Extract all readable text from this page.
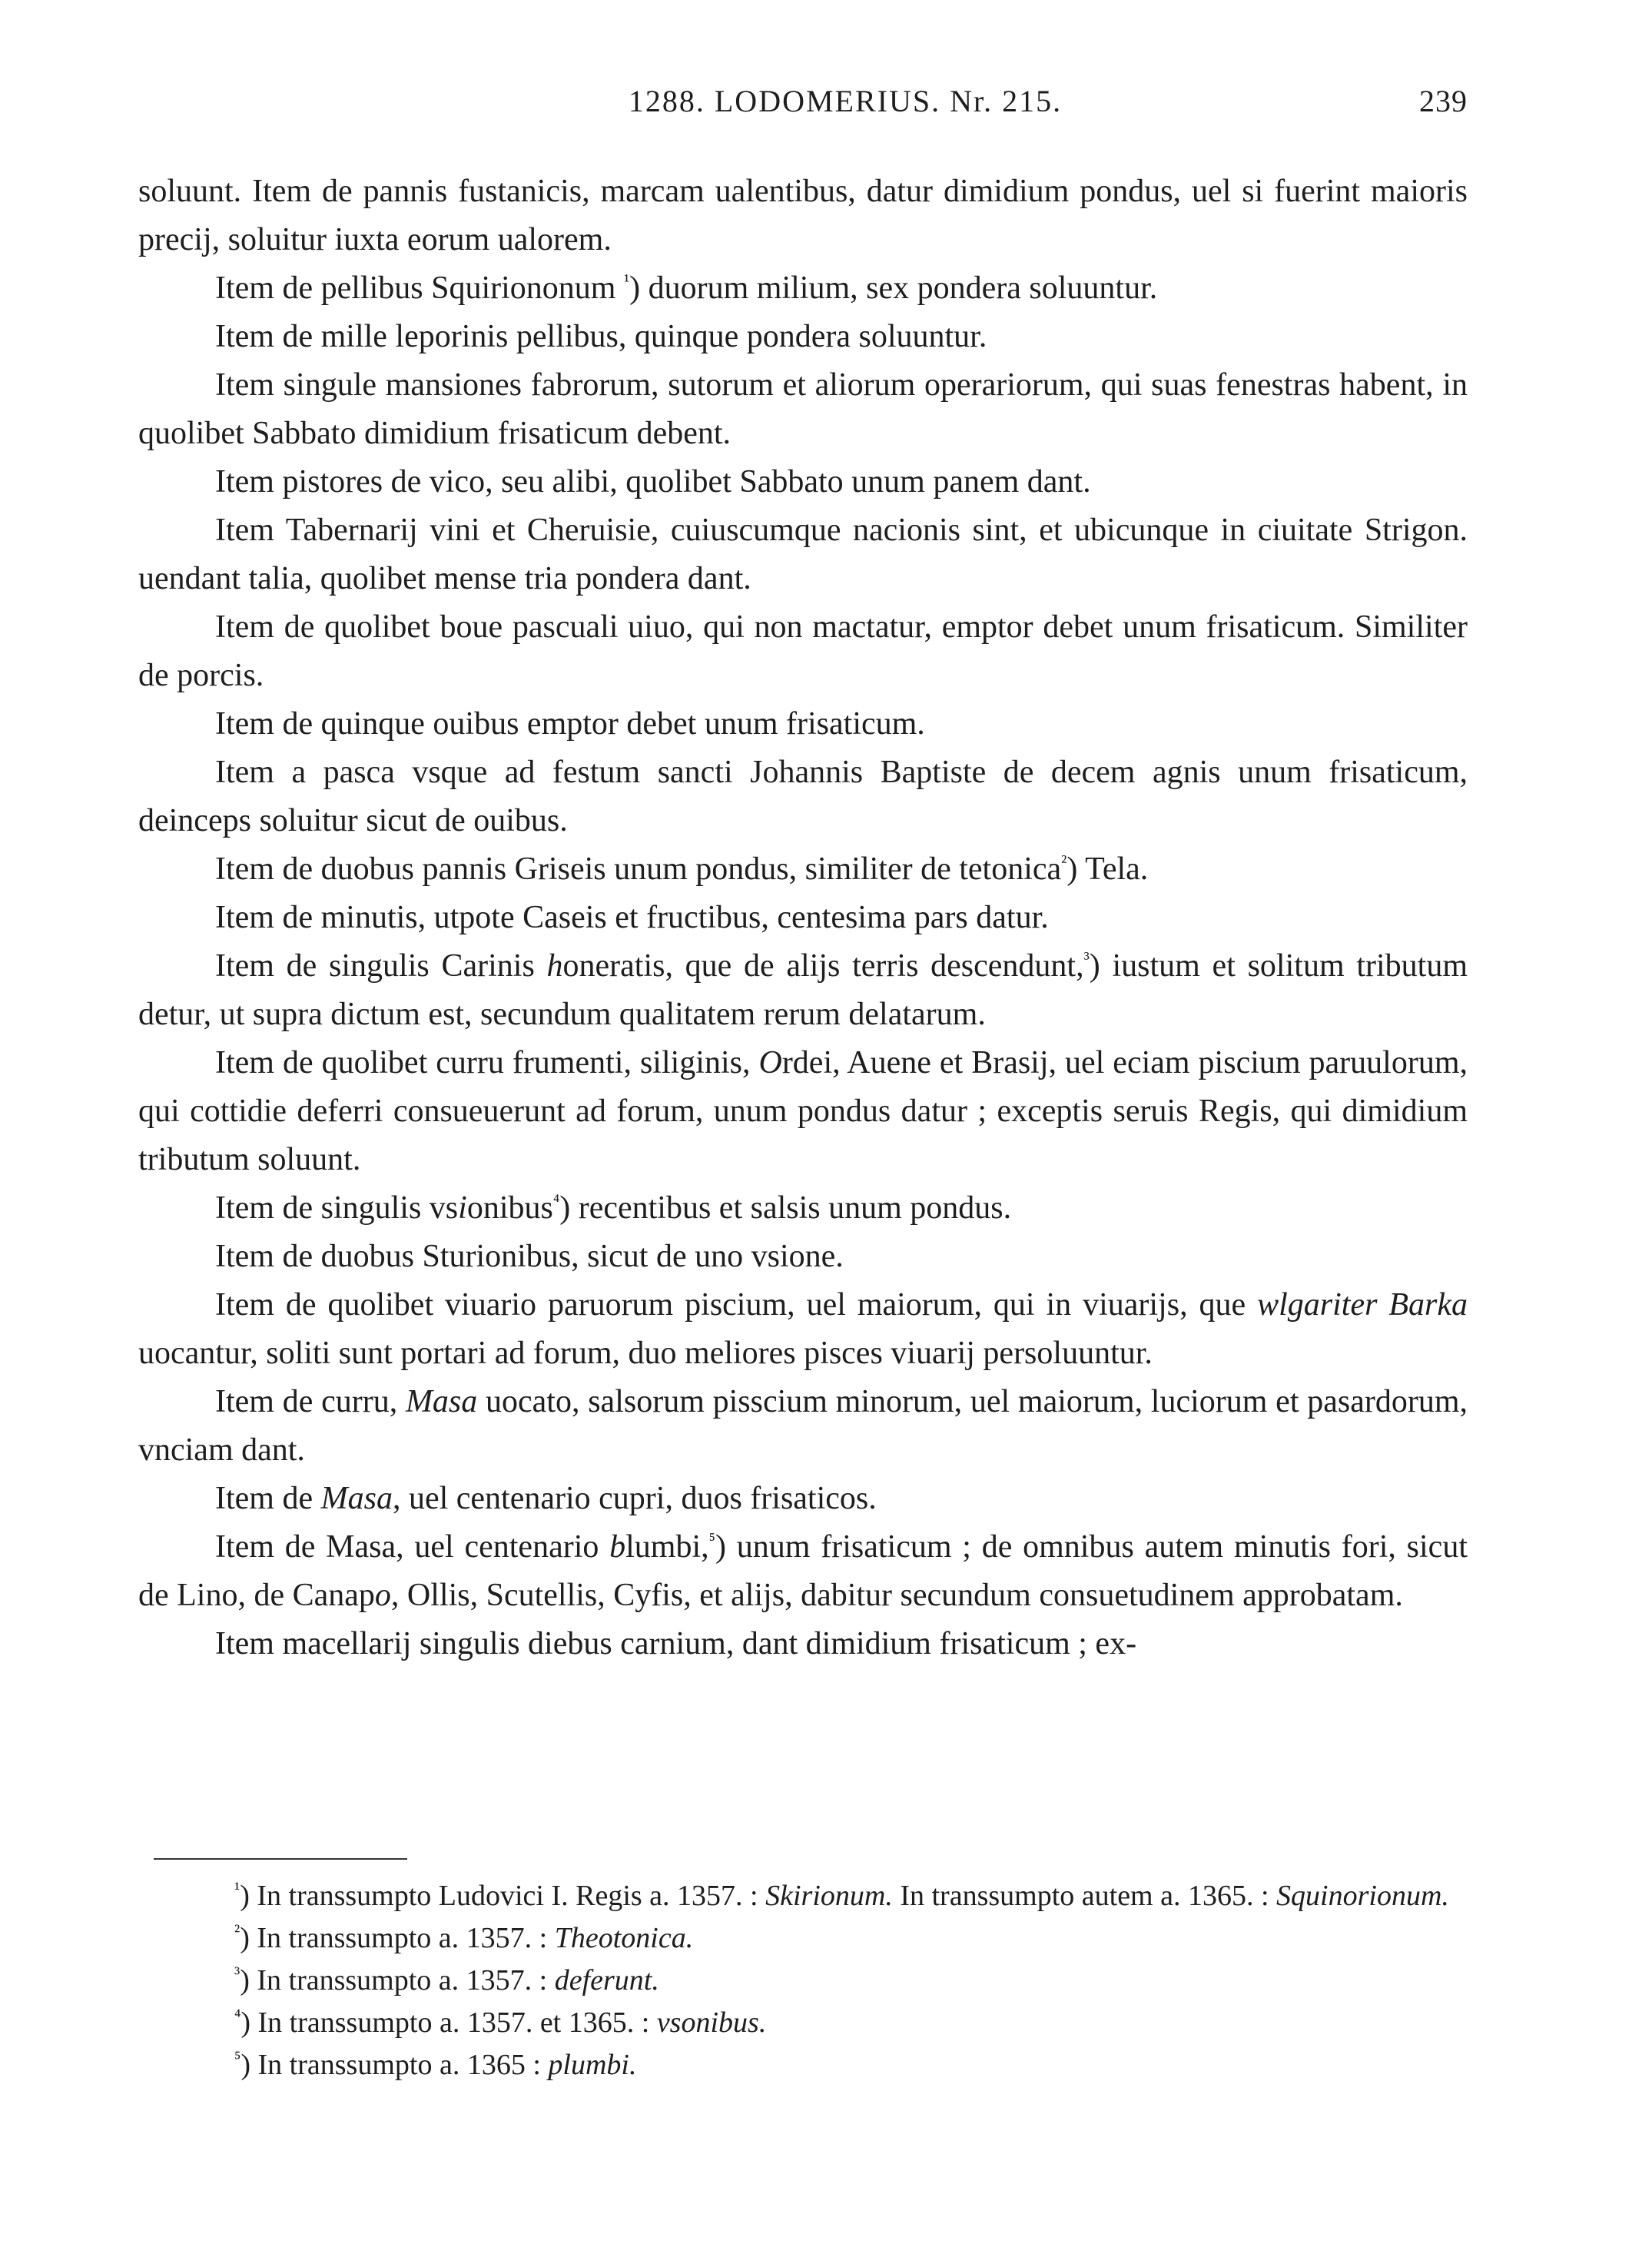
1288. LODOMERIUS. Nr. 215.	239

soluunt. Item de pannis fustanicis, marcam ualentibus, datur dimidium pondus, uel si fuerint maioris precij, soluitur iuxta eorum ualorem.

Item de pellibus Squiriononum $^{^1}$) duorum milium, sex pondera soluuntur.

Item de mille leporinis pellibus, quinque pondera soluuntur.

Item singule mansiones fabrorum, sutorum et aliorum operariorum, qui suas fenestras habent, in quolibet Sabbato dimidium frisaticum debent.

Item pistores de vico, seu alibi, quolibet Sabbato unum panem dant.

Item Tabernarij vini et Cheruisie, cuiuscumque nacionis sint, et ubicunque in ciuitate Strigon. uendant talia, quolibet mense tria pondera dant.

Item de quolibet boue pascuali uiuo, qui non mactatur, emptor debet unum frisaticum. Similiter de porcis.

Item de quinque ouibus emptor debet unum frisaticum.

Item a pasca vsque ad festum sancti Johannis Baptiste de decem agnis unum frisaticum, deinceps soluitur sicut de ouibus.

Item de duobus pannis Griseis unum pondus, similiter de tetonica$^{^2}$) Tela.

Item de minutis, utpote Caseis et fructibus, centesima pars datur.

Item de singulis Carinis honeratis, que de alijs terris descendunt,$^{^3}$) iustum et solitum tributum detur, ut supra dictum est, secundum qualitatem rerum delatarum.

Item de quolibet curru frumenti, siliginis, Ordei, Auene et Brasij, uel eciam piscium paruulorum, qui cottidie deferri consueuerunt ad forum, unum pondus datur ; exceptis seruis Regis, qui dimidium tributum soluunt.

Item de singulis vsionibus$^{^4}$) recentibus et salsis unum pondus.

Item de duobus Sturionibus, sicut de uno vsione.

Item de quolibet viuario paruorum piscium, uel maiorum, qui in viuarijs, que wlgariter Barka uocantur, soliti sunt portari ad forum, duo meliores pisces viuarij persoluuntur.

Item de curru, Masa uocato, salsorum pisscium minorum, uel maiorum, luciorum et pasardorum, vnciam dant.

Item de Masa, uel centenario cupri, duos frisaticos.

Item de Masa, uel centenario blumbi,$^{^5}$) unum frisaticum ; de omnibus autem minutis fori, sicut de Lino, de Canapo, Ollis, Scutellis, Cyfis, et alijs, dabitur secundum consuetudinem approbatam.

Item macellarij singulis diebus carnium, dant dimidium frisaticum ; ex-

$^{^1}$) In transsumpto Ludovici I. Regis a. 1357. : Skirionum. In transsumpto autem a. 1365. : Squinorionum.

$^{^2}$) In transsumpto a. 1357. : Theotonica.

$^{^3}$) In transsumpto a. 1357. : deferunt.

$^{^4}$) In transsumpto a. 1357. et 1365. : vsonibus.

$^{^5}$) In transsumpto a. 1365 : plumbi.
